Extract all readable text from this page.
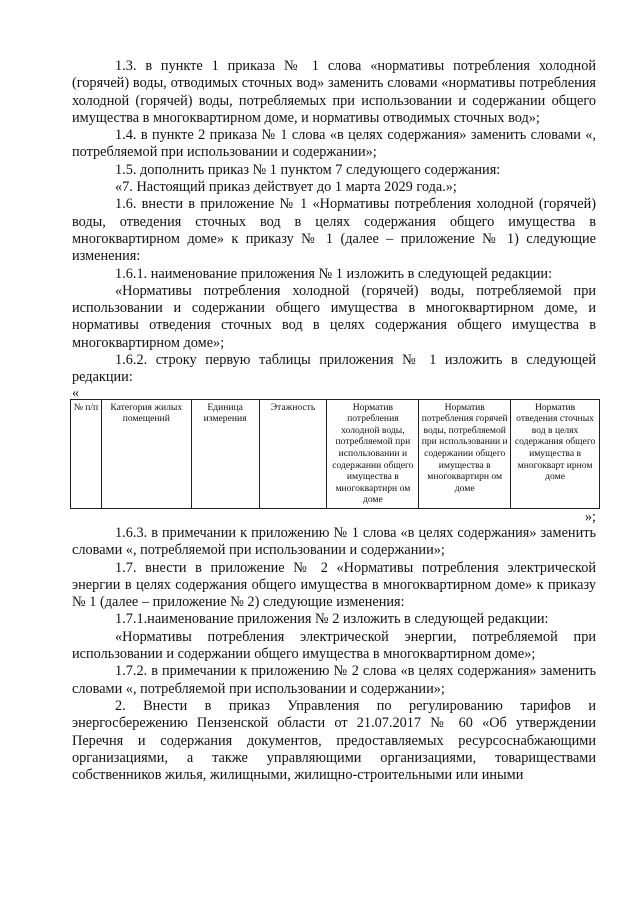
1.3. в пункте 1 приказа № 1 слова «нормативы потребления холодной (горячей) воды, отводимых сточных вод» заменить словами «нормативы потребления холодной (горячей) воды, потребляемых при использовании и содержании общего имущества в многоквартирном доме, и нормативы отводимых сточных вод»;

1.4. в пункте 2 приказа № 1 слова «в целях содержания» заменить словами «, потребляемой при использовании и содержании»;

1.5. дополнить приказ № 1 пунктом 7 следующего содержания:

«7. Настоящий приказ действует до 1 марта 2029 года.»;

1.6. внести в приложение № 1 «Нормативы потребления холодной (горячей) воды, отведения сточных вод в целях содержания общего имущества в многоквартирном доме» к приказу № 1 (далее – приложение № 1) следующие изменения:

1.6.1. наименование приложения № 1 изложить в следующей редакции:

«Нормативы потребления холодной (горячей) воды, потребляемой при использовании и содержании общего имущества в многоквартирном доме, и нормативы отведения сточных вод в целях содержания общего имущества в многоквартирном доме»;

1.6.2. строку первую таблицы приложения № 1 изложить в следующей редакции:

«

№ п/п	Категория жилых помещений	Единица измерения	Этажность	Норматив потребления холодной воды, потребляемой при использовании и содержании общего имущества в многоквартирн ом доме	Норматив потребления горячей воды, потребляемой при использовании и содержании общего имущества в многоквартирн ом доме	Норматив отведения сточных вод в целях содержания общего имущества в многокварт ирном доме

»;

1.6.3. в примечании к приложению № 1 слова «в целях содержания» заменить словами «, потребляемой при использовании и содержании»;

1.7. внести в приложение № 2 «Нормативы потребления электрической энергии в целях содержания общего имущества в многоквартирном доме» к приказу № 1 (далее – приложение № 2) следующие изменения:

1.7.1.наименование приложения № 2 изложить в следующей редакции:

«Нормативы потребления электрической энергии, потребляемой при использовании и содержании общего имущества в многоквартирном доме»;

1.7.2. в примечании к приложению № 2 слова «в целях содержания» заменить словами «, потребляемой при использовании и содержании»;

2. Внести в приказ Управления по регулированию тарифов и энергосбережению Пензенской области от 21.07.2017 № 60 «Об утверждении Перечня и содержания документов, предоставляемых ресурсоснабжающими организациями, а также управляющими организациями, товариществами собственников жилья, жилищными, жилищно-строительными или иными
